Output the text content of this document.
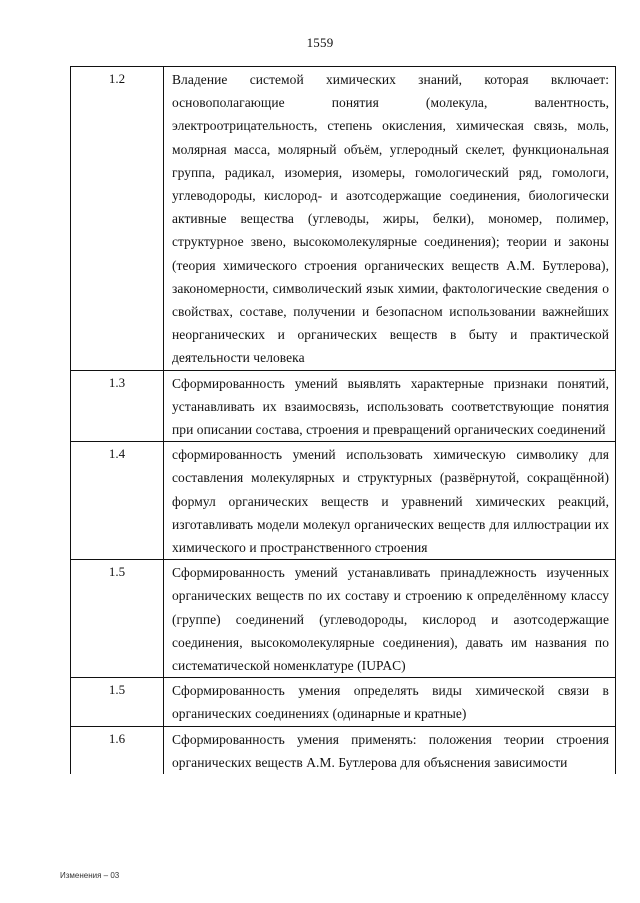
1559
1.2	Владение системой химических знаний, которая включает: основополагающие понятия (молекула, валентность, электроотрицательность, степень окисления, химическая связь, моль, молярная масса, молярный объём, углеродный скелет, функциональная группа, радикал, изомерия, изомеры, гомологический ряд, гомологи, углеводороды, кислород- и азотсодержащие соединения, биологически активные вещества (углеводы, жиры, белки), мономер, полимер, структурное звено, высокомолекулярные соединения); теории и законы (теория химического строения органических веществ А.М. Бутлерова), закономерности, символический язык химии, фактологические сведения о свойствах, составе, получении и безопасном использовании важнейших неорганических и органических веществ в быту и практической деятельности человека
1.3	Сформированность умений выявлять характерные признаки понятий, устанавливать их взаимосвязь, использовать соответствующие понятия при описании состава, строения и превращений органических соединений
1.4	сформированность умений использовать химическую символику для составления молекулярных и структурных (развёрнутой, сокращённой) формул органических веществ и уравнений химических реакций, изготавливать модели молекул органических веществ для иллюстрации их химического и пространственного строения
1.5	Сформированность умений устанавливать принадлежность изученных органических веществ по их составу и строению к определённому классу (группе) соединений (углеводороды, кислород и азотсодержащие соединения, высокомолекулярные соединения), давать им названия по систематической номенклатуре (IUPAC)
1.5	Сформированность умения определять виды химической связи в органических соединениях (одинарные и кратные)
1.6	Сформированность умения применять: положения теории строения органических веществ А.М. Бутлерова для объяснения зависимости
Изменения – 03
